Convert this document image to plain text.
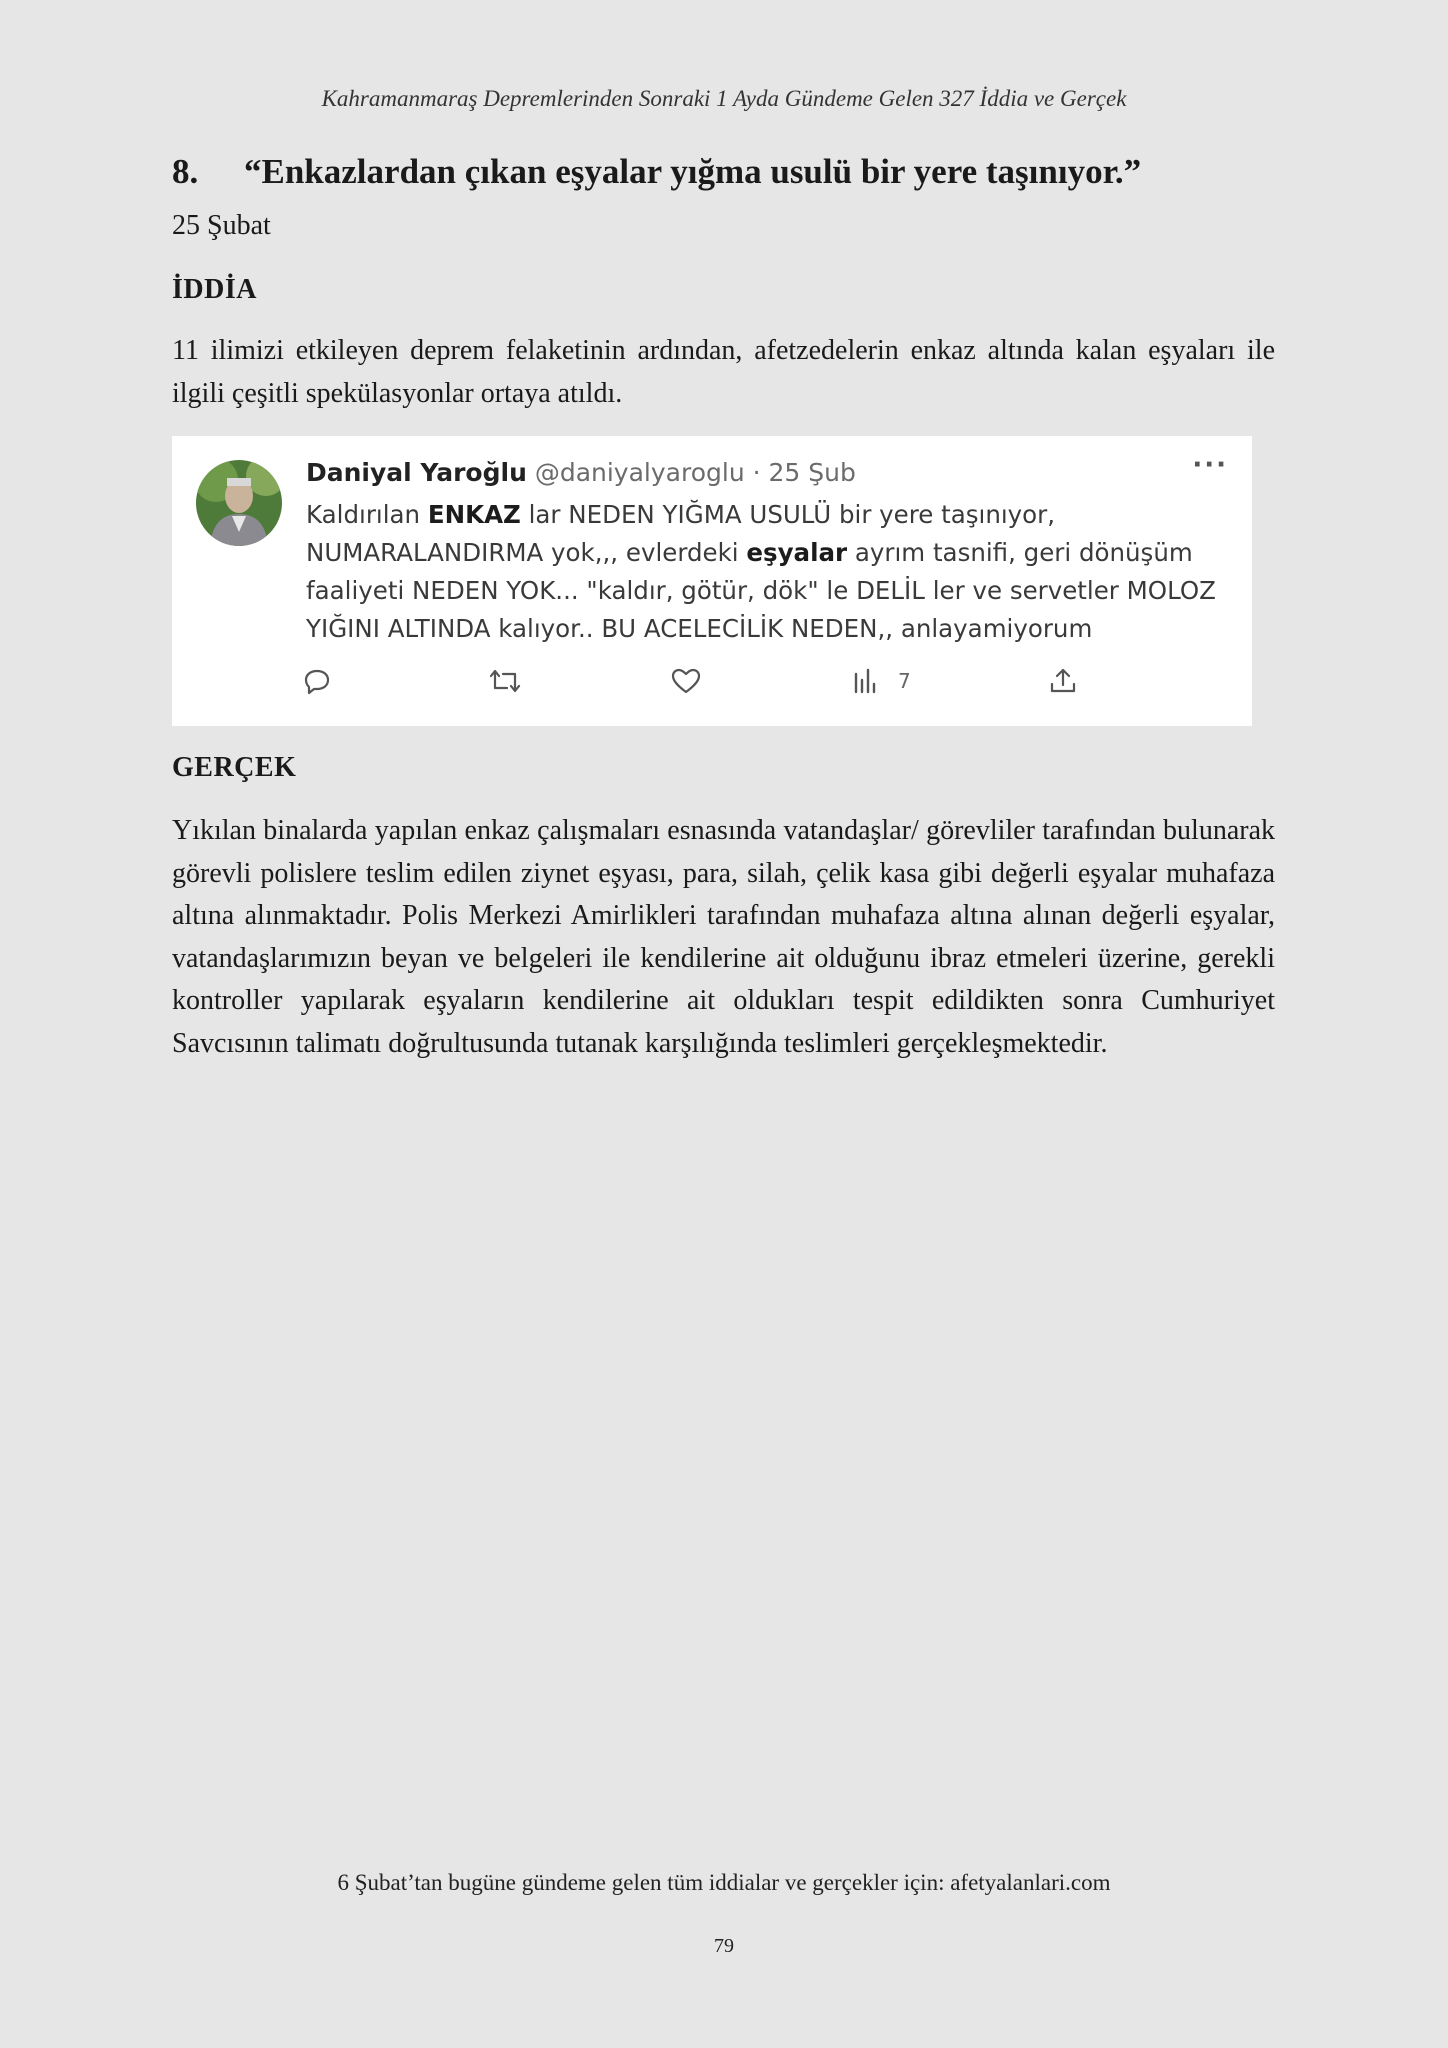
Kahramanmaraş Depremlerinden Sonraki 1 Ayda Gündeme Gelen 327 İddia ve Gerçek
8. “Enkazlardan çıkan eşyalar yığma usulü bir yere taşınıyor.”
25 Şubat
İDDİA
11 ilimizi etkileyen deprem felaketinin ardından, afetzedelerin enkaz altında kalan eşyaları ile ilgili çeşitli spekülasyonlar ortaya atıldı.
Daniyal Yaroğlu @daniyalyaroglu · 25 Şub	···
Kaldırılan ENKAZ lar NEDEN YIĞMA USULÜ bir yere taşınıyor, NUMARALANDIRMA yok,,, evlerdeki eşyalar ayrım tasnifi, geri dönüşüm faaliyeti NEDEN YOK... "kaldır, götür, dök" le DELİL ler ve servetler MOLOZ YIĞINI ALTINDA kalıyor.. BU ACELECİLİK NEDEN,, anlayamiyorum
7
GERÇEK
Yıkılan binalarda yapılan enkaz çalışmaları esnasında vatandaşlar/ görevliler tarafından bulunarak görevli polislere teslim edilen ziynet eşyası, para, silah, çelik kasa gibi değerli eşyalar muhafaza altına alınmaktadır. Polis Merkezi Amirlikleri tarafından muhafaza altına alınan değerli eşyalar, vatandaşlarımızın beyan ve belgeleri ile kendilerine ait olduğunu ibraz etmeleri üzerine, gerekli kontroller yapılarak eşyaların kendilerine ait oldukları tespit edildikten sonra Cumhuriyet Savcısının talimatı doğrultusunda tutanak karşılığında teslimleri gerçekleşmektedir.
6 Şubat’tan bugüne gündeme gelen tüm iddialar ve gerçekler için: afetyalanlari.com
79
